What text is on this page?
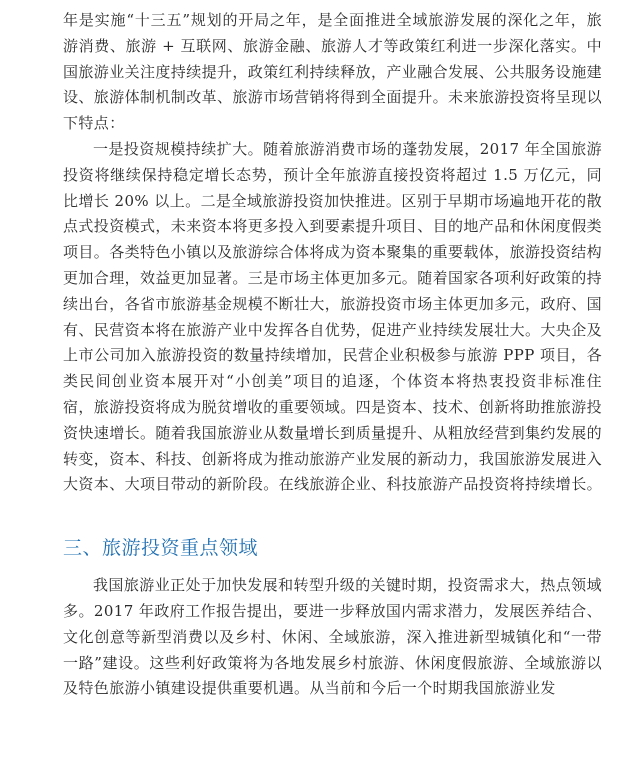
年是实施“十三五”规划的开局之年，是全面推进全域旅游发展的深化之年，旅游消费、旅游 + 互联网、旅游金融、旅游人才等政策红利进一步深化落实。中国旅游业关注度持续提升，政策红利持续释放，产业融合发展、公共服务设施建设、旅游体制机制改革、旅游市场营销将得到全面提升。未来旅游投资将呈现以下特点：

一是投资规模持续扩大。随着旅游消费市场的蓬勃发展，2017 年全国旅游投资将继续保持稳定增长态势，预计全年旅游直接投资将超过 1.5 万亿元，同比增长 20% 以上。二是全域旅游投资加快推进。区别于早期市场遍地开花的散点式投资模式，未来资本将更多投入到要素提升项目、目的地产品和休闲度假类项目。各类特色小镇以及旅游综合体将成为资本聚集的重要载体，旅游投资结构更加合理，效益更加显著。三是市场主体更加多元。随着国家各项利好政策的持续出台，各省市旅游基金规模不断壮大，旅游投资市场主体更加多元，政府、国有、民营资本将在旅游产业中发挥各自优势，促进产业持续发展壮大。大央企及上市公司加入旅游投资的数量持续增加，民营企业积极参与旅游 PPP 项目，各类民间创业资本展开对“小创美”项目的追逐，个体资本将热衷投资非标准住宿，旅游投资将成为脱贫增收的重要领域。四是资本、技术、创新将助推旅游投资快速增长。随着我国旅游业从数量增长到质量提升、从粗放经营到集约发展的转变，资本、科技、创新将成为推动旅游产业发展的新动力，我国旅游发展进入大资本、大项目带动的新阶段。在线旅游企业、科技旅游产品投资将持续增长。

三、旅游投资重点领域

我国旅游业正处于加快发展和转型升级的关键时期，投资需求大，热点领域多。2017 年政府工作报告提出，要进一步释放国内需求潜力，发展医养结合、文化创意等新型消费以及乡村、休闲、全域旅游，深入推进新型城镇化和“一带一路”建设。这些利好政策将为各地发展乡村旅游、休闲度假旅游、全域旅游以及特色旅游小镇建设提供重要机遇。从当前和今后一个时期我国旅游业发
